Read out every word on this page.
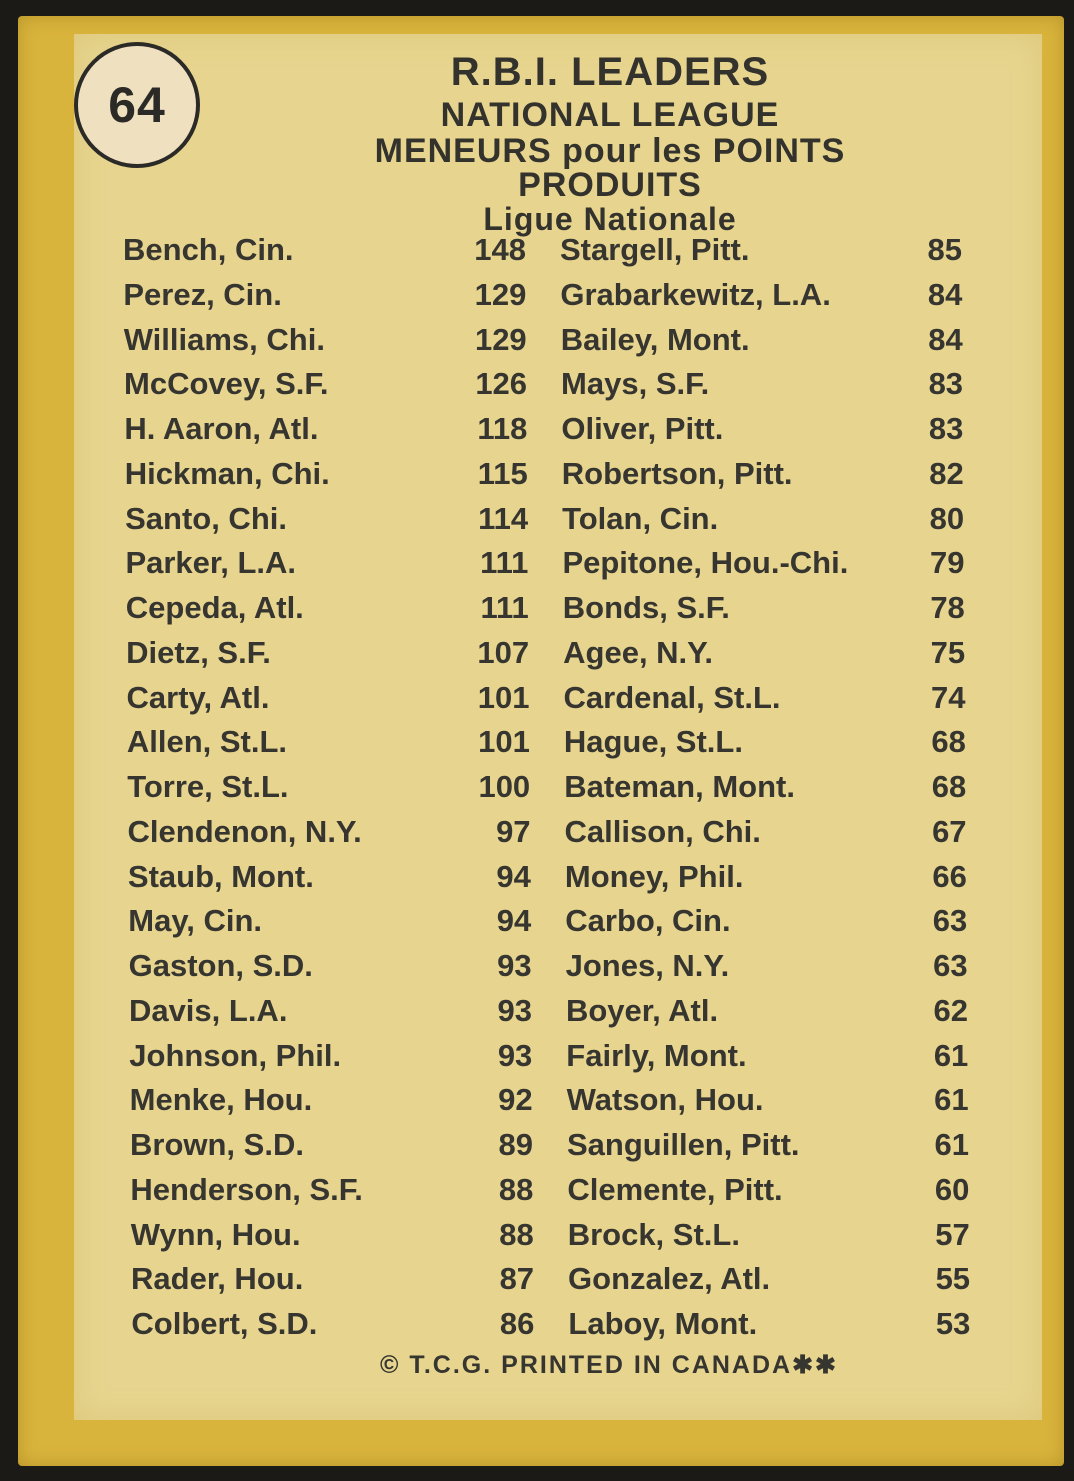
64
R.B.I. LEADERS
NATIONAL LEAGUE
MENEURS pour les POINTS
PRODUITS
Ligue Nationale
Bench, Cin.	148
Perez, Cin.	129
Williams, Chi.	129
McCovey, S.F.	126
H. Aaron, Atl.	118
Hickman, Chi.	115
Santo, Chi.	114
Parker, L.A.	111
Cepeda, Atl.	111
Dietz, S.F.	107
Carty, Atl.	101
Allen, St.L.	101
Torre, St.L.	100
Clendenon, N.Y.	97
Staub, Mont.	94
May, Cin.	94
Gaston, S.D.	93
Davis, L.A.	93
Johnson, Phil.	93
Menke, Hou.	92
Brown, S.D.	89
Henderson, S.F.	88
Wynn, Hou.	88
Rader, Hou.	87
Colbert, S.D.	86
Stargell, Pitt.	85
Grabarkewitz, L.A.	84
Bailey, Mont.	84
Mays, S.F.	83
Oliver, Pitt.	83
Robertson, Pitt.	82
Tolan, Cin.	80
Pepitone, Hou.-Chi.	79
Bonds, S.F.	78
Agee, N.Y.	75
Cardenal, St.L.	74
Hague, St.L.	68
Bateman, Mont.	68
Callison, Chi.	67
Money, Phil.	66
Carbo, Cin.	63
Jones, N.Y.	63
Boyer, Atl.	62
Fairly, Mont.	61
Watson, Hou.	61
Sanguillen, Pitt.	61
Clemente, Pitt.	60
Brock, St.L.	57
Gonzalez, Atl.	55
Laboy, Mont.	53
© T.C.G. PRINTED IN CANADA✱✱
